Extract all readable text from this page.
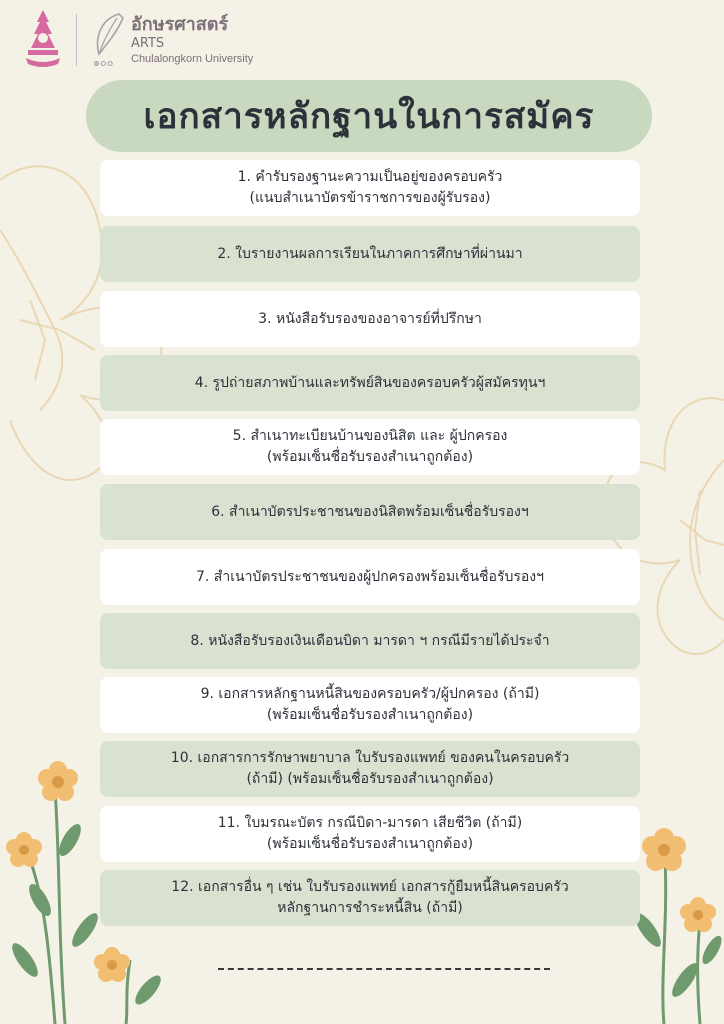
๑๐๐
อักษรศาสตร์
ARTS
Chulalongkorn University
เอกสารหลักฐานในการสมัคร
1. คำรับรองฐานะความเป็นอยู่ของครอบครัว
(แนบสำเนาบัตรข้าราชการของผู้รับรอง)
2. ใบรายงานผลการเรียนในภาคการศึกษาที่ผ่านมา
3. หนังสือรับรองของอาจารย์ที่ปรึกษา
4. รูปถ่ายสภาพบ้านและทรัพย์สินของครอบครัวผู้สมัครทุนฯ
5. สำเนาทะเบียนบ้านของนิสิต และ ผู้ปกครอง
(พร้อมเซ็นชื่อรับรองสำเนาถูกต้อง)
6. สำเนาบัตรประชาชนของนิสิตพร้อมเซ็นชื่อรับรองฯ
7. สำเนาบัตรประชาชนของผู้ปกครองพร้อมเซ็นชื่อรับรองฯ
8. หนังสือรับรองเงินเดือนบิดา มารดา ฯ กรณีมีรายได้ประจำ
9. เอกสารหลักฐานหนี้สินของครอบครัว/ผู้ปกครอง (ถ้ามี)
(พร้อมเซ็นชื่อรับรองสำเนาถูกต้อง)
10. เอกสารการรักษาพยาบาล ใบรับรองแพทย์ ของคนในครอบครัว
(ถ้ามี) (พร้อมเซ็นชื่อรับรองสำเนาถูกต้อง)
11. ใบมรณะบัตร กรณีบิดา-มารดา เสียชีวิต (ถ้ามี)
(พร้อมเซ็นชื่อรับรองสำเนาถูกต้อง)
12. เอกสารอื่น ๆ เช่น ใบรับรองแพทย์ เอกสารกู้ยืมหนี้สินครอบครัว
หลักฐานการชำระหนี้สิน (ถ้ามี)
